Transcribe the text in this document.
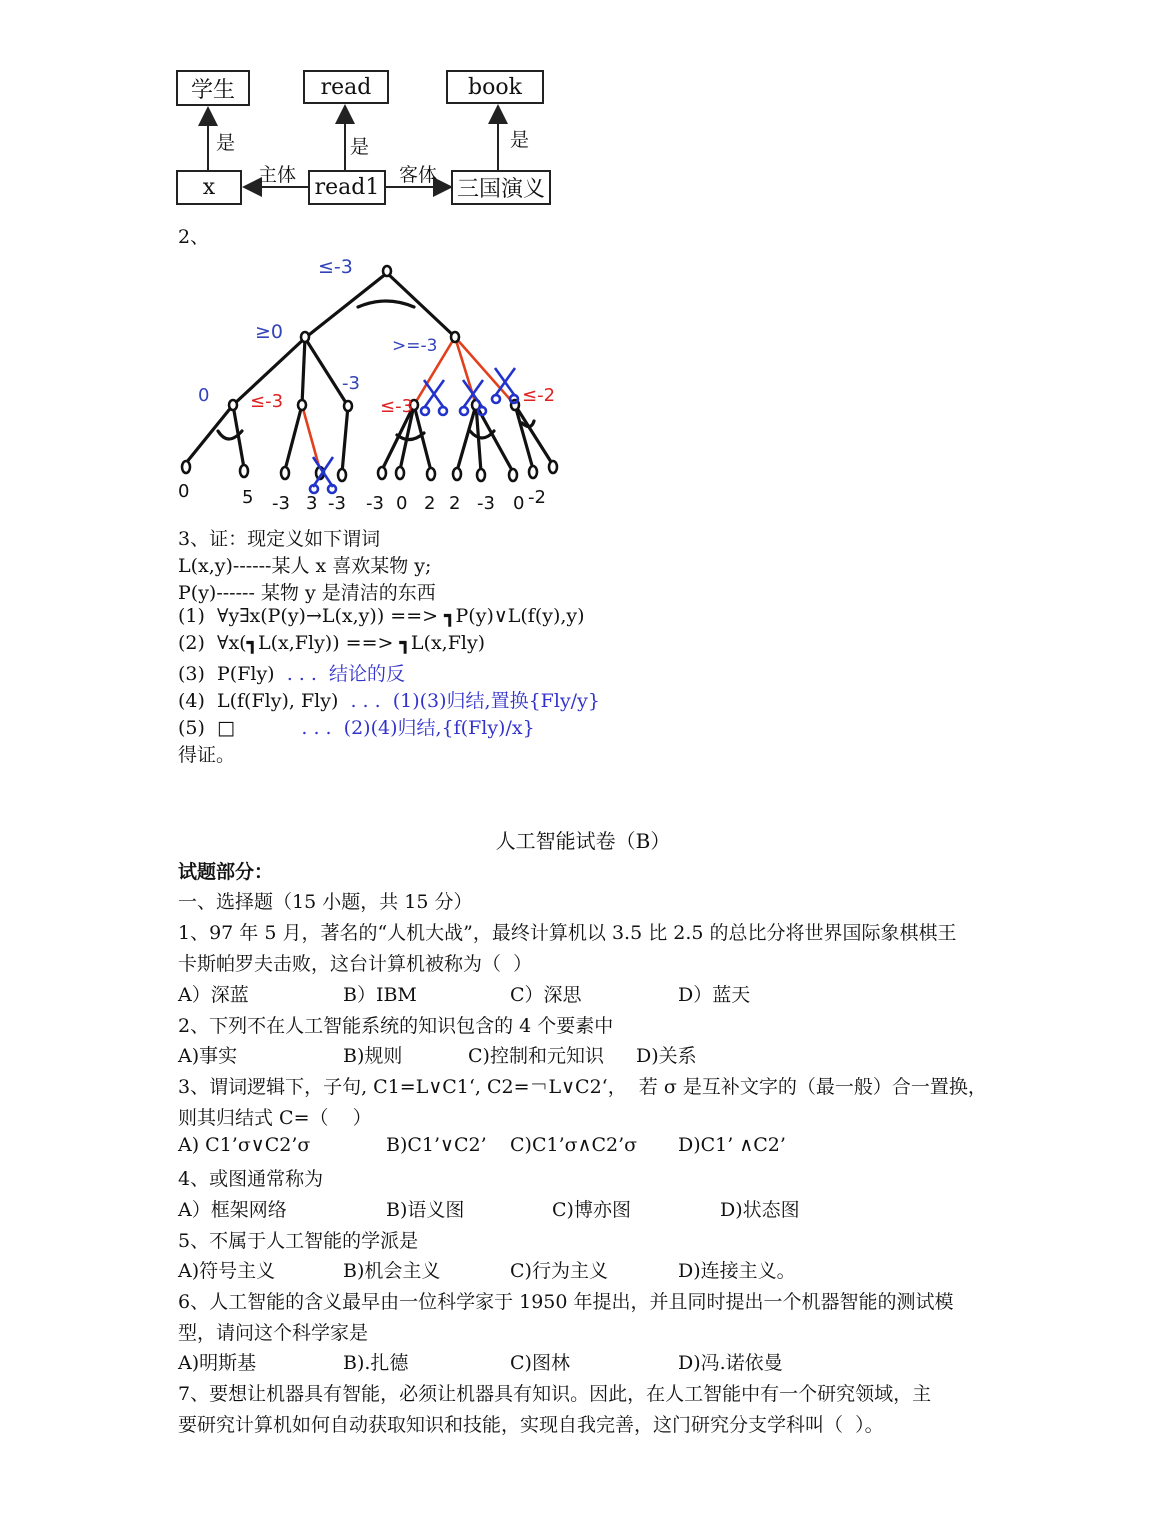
学生	read	book
x	read1	三国演义
是	是	是
主体	客体
2、
≤-3
≥0
>=-3
0 ≤-3
-3
≤-3
≤-2
0	5 -3 3 -3 -3 0 2 2 -3 0 -2
3、证：现定义如下谓词
L(x,y)------某人 x 喜欢某物 y;
P(y)------ 某物 y 是清洁的东西
(1)  ∀y∃x(P(y)→L(x,y)) ==> ┓P(y)∨L(f(y),y)
(2)  ∀x(┓L(x,Fly)) ==> ┓L(x,Fly)
(3)  P(Fly)  . . .  结论的反
(4)  L(f(Fly), Fly)  . . .  (1)(3)归结,置换{Fly/y}
(5)  □           . . .  (2)(4)归结,{f(Fly)/x}
得证。
人工智能试卷（B）
试题部分：
一、选择题（15 小题，共 15 分）
1、97 年 5 月，著名的“人机大战”，最终计算机以 3.5 比 2.5 的总比分将世界国际象棋棋王
卡斯帕罗夫击败，这台计算机被称为（  ）
A）深蓝	B）IBM	C）深思	D）蓝天
2、下列不在人工智能系统的知识包含的 4 个要素中
A)事实	B)规则	C)控制和元知识 D)关系
3、谓词逻辑下，子句, C1=L∨C1‘, C2=￢L∨C2‘，  若 σ 是互补文字的（最一般）合一置换，
则其归结式 C=（    ）
A) C1’σ∨C2’σ	B)C1’∨C2’ C)C1’σ∧C2’σ D)C1’ ∧C2’
4、或图通常称为
A）框架网络	B)语义图	C)博亦图	D)状态图
5、不属于人工智能的学派是
A)符号主义	B)机会主义	C)行为主义	D)连接主义。
6、人工智能的含义最早由一位科学家于 1950 年提出，并且同时提出一个机器智能的测试模
型，请问这个科学家是
A)明斯基	B).扎德	C)图林	D)冯.诺依曼
7、要想让机器具有智能，必须让机器具有知识。因此，在人工智能中有一个研究领域，主
要研究计算机如何自动获取知识和技能，实现自我完善，这门研究分支学科叫（  ）。
